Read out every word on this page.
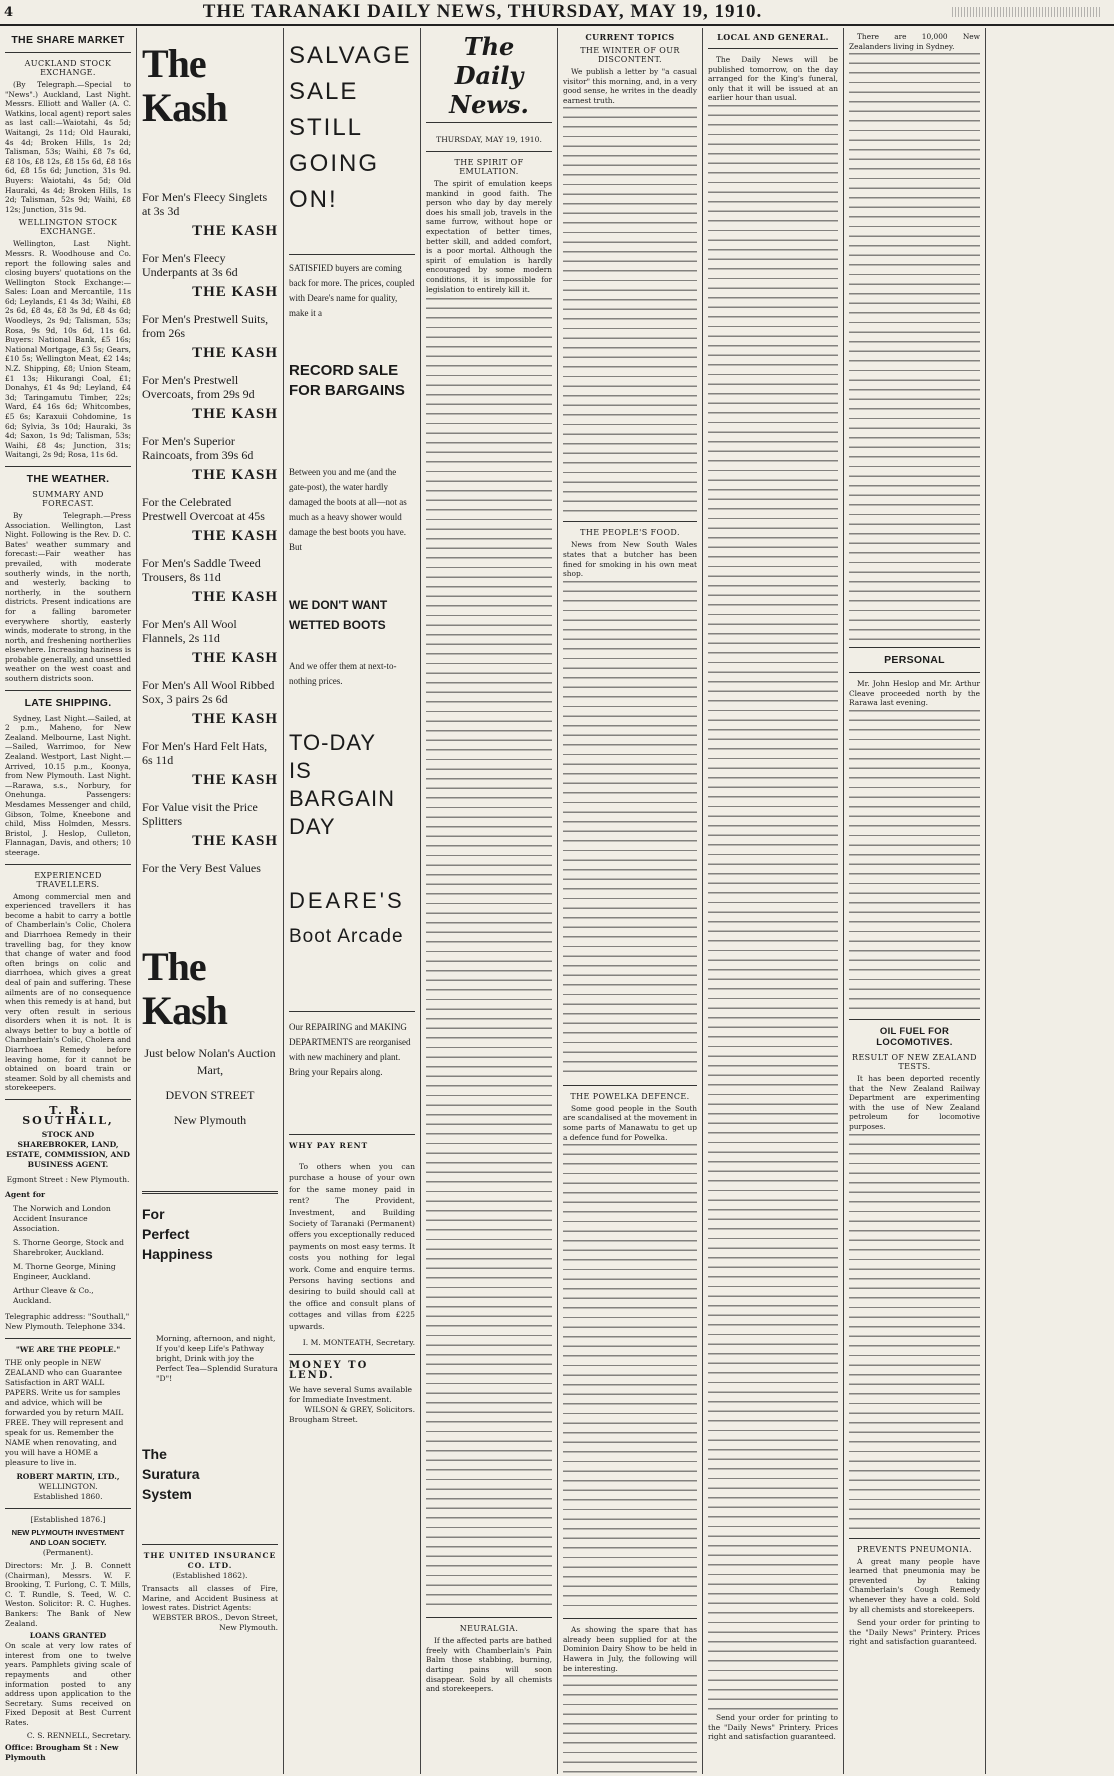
4	THE TARANAKI DAILY NEWS, THURSDAY, MAY 19, 1910.
THE SHARE MARKET
AUCKLAND STOCK EXCHANGE.

(By Telegraph.—Special to "News".) Auckland, Last Night. Messrs. Elliott and Waller (A. C. Watkins, local agent) report sales as last call:—Waiotahi, 4s 5d; Waitangi, 2s 11d; Old Hauraki, 4s 4d; Broken Hills, 1s 2d; Talisman, 53s; Waihi, £8 7s 6d, £8 10s, £8 12s, £8 15s 6d, £8 16s 6d, £8 15s 6d; Junction, 31s 9d. Buyers: Waiotahi, 4s 5d; Old Hauraki, 4s 4d; Broken Hills, 1s 2d; Talisman, 52s 9d; Waihi, £8 12s; Junction, 31s 9d.

WELLINGTON STOCK EXCHANGE.

Wellington, Last Night. Messrs. R. Woodhouse and Co. report the following sales and closing buyers' quotations on the Wellington Stock Exchange:—Sales: Loan and Mercantile, 11s 6d; Leylands, £1 4s 3d; Waihi, £8 2s 6d, £8 4s, £8 3s 9d, £8 4s 6d; Woodleys, 2s 9d; Talisman, 53s; Rosa, 9s 9d, 10s 6d, 11s 6d. Buyers: National Bank, £5 16s; National Mortgage, £3 5s; Gears, £10 5s; Wellington Meat, £2 14s; N.Z. Shipping, £8; Union Steam, £1 13s; Hikurangi Coal, £1; Donahys, £1 4s 9d; Leyland, £4 3d; Taringamutu Timber, 22s; Ward, £4 16s 6d; Whitcombes, £5 6s; Karaxuii Cohdomine, 1s 6d; Sylvia, 3s 10d; Hauraki, 3s 4d; Saxon, 1s 9d; Talisman, 53s; Waihi, £8 4s; Junction, 31s; Waitangi, 2s 9d; Rosa, 11s 6d.

THE WEATHER.
SUMMARY AND FORECAST.

By Telegraph.—Press Association. Wellington, Last Night. Following is the Rev. D. C. Bates' weather summary and forecast:—Fair weather has prevailed, with moderate southerly winds, in the north, and westerly, backing to northerly, in the southern districts. Present indications are for a falling barometer everywhere shortly, easterly winds, moderate to strong, in the north, and freshening northerlies elsewhere. Increasing haziness is probable generally, and unsettled weather on the west coast and southern districts soon.

LATE SHIPPING.

Sydney, Last Night.—Sailed, at 2 p.m., Maheno, for New Zealand. Melbourne, Last Night.—Sailed, Warrimoo, for New Zealand. Westport, Last Night.—Arrived, 10.15 p.m., Koonya, from New Plymouth. Last Night.—Rarawa, s.s., Norbury, for Onehunga. Passengers: Mesdames Messenger and child, Gibson, Tolme, Kneebone and child, Miss Holmden, Messrs. Bristol, J. Heslop, Culleton, Flannagan, Davis, and others; 10 steerage.

EXPERIENCED TRAVELLERS.

Among commercial men and experienced travellers it has become a habit to carry a bottle of Chamberlain's Colic, Cholera and Diarrhoea Remedy in their travelling bag, for they know that change of water and food often brings on colic and diarrhoea, which gives a great deal of pain and suffering. These ailments are of no consequence when this remedy is at hand, but very often result in serious disorders when it is not. It is always better to buy a bottle of Chamberlain's Colic, Cholera and Diarrhoea Remedy before leaving home, for it cannot be obtained on board train or steamer. Sold by all chemists and storekeepers.

T. R. SOUTHALL,
STOCK AND SHAREBROKER, LAND, ESTATE, COMMISSION, AND BUSINESS AGENT.
Egmont Street : New Plymouth.
Agent for
The Norwich and London Accident Insurance Association.
S. Thorne George, Stock and Sharebroker, Auckland.
M. Thorne George, Mining Engineer, Auckland.
Arthur Cleave & Co., Auckland.
Telegraphic address: "Southall," New Plymouth. Telephone 334.
"WE ARE THE PEOPLE."

THE only people in NEW ZEALAND who can Guarantee Satisfaction in ART WALL PAPERS. Write us for samples and advice, which will be forwarded you by return MAIL FREE. They will represent and speak for us. Remember the NAME when renovating, and you will have a HOME a pleasure to live in.

ROBERT MARTIN, LTD.,
WELLINGTON.
Established 1860.
[Established 1876.]
NEW PLYMOUTH INVESTMENT AND LOAN SOCIETY.
(Permanent).

Directors: Mr. J. B. Connett (Chairman), Messrs. W. F. Brooking, T. Furlong, C. T. Mills, C. T. Rundle, S. Teed, W. C. Weston. Solicitor: R. C. Hughes. Bankers: The Bank of New Zealand.

LOANS GRANTED

On scale at very low rates of interest from one to twelve years. Pamphlets giving scale of repayments and other information posted to any address upon application to the Secretary. Sums received on Fixed Deposit at Best Current Rates.

C. S. RENNELL, Secretary.
Office: Brougham St : New Plymouth
The Kash
For Men's Fleecy Singlets at 3s 3d
THE KASH
For Men's Fleecy Underpants at 3s 6d
THE KASH
For Men's Prestwell Suits, from 26s
THE KASH
For Men's Prestwell Overcoats, from 29s 9d
THE KASH
For Men's Superior Raincoats, from 39s 6d
THE KASH
For the Celebrated Prestwell Overcoat at 45s
THE KASH
For Men's Saddle Tweed Trousers, 8s 11d
THE KASH
For Men's All Wool Flannels, 2s 11d
THE KASH
For Men's All Wool Ribbed Sox, 3 pairs 2s 6d
THE KASH
For Men's Hard Felt Hats, 6s 11d
THE KASH
For Value visit the Price Splitters
THE KASH
For the Very Best Values
The Kash
Just below Nolan's Auction Mart,
DEVON STREET
New Plymouth
For
Perfect
Happiness

Morning, afternoon, and night, If you'd keep Life's Pathway bright, Drink with joy the Perfect Tea—Splendid Suratura "D"!

The
Suratura
System
THE UNITED INSURANCE CO. LTD.
(Established 1862).

Transacts all classes of Fire, Marine, and Accident Business at lowest rates. District Agents:

WEBSTER BROS., Devon Street, New Plymouth.
SALVAGE
SALE
STILL
GOING ON!

SATISFIED buyers are coming back for more. The prices, coupled with Deare's name for quality, make it a

RECORD SALE FOR BARGAINS

Between you and me (and the gate-post), the water hardly damaged the boots at all—not as much as a heavy shower would damage the best boots you have. But

WE DON'T WANT WETTED BOOTS

And we offer them at next-to-nothing prices.

TO-DAY
IS
BARGAIN
DAY
DEARE'S
Boot Arcade

Our REPAIRING and MAKING DEPARTMENTS are reorganised with new machinery and plant. Bring your Repairs along.

WHY PAY RENT

To others when you can purchase a house of your own for the same money paid in rent? The Provident, Investment, and Building Society of Taranaki (Permanent) offers you exceptionally reduced payments on most easy terms. It costs you nothing for legal work. Come and enquire terms. Persons having sections and desiring to build should call at the office and consult plans of cottages and villas from £225 upwards.

I. M. MONTEATH, Secretary.
MONEY TO LEND.

We have several Sums available for Immediate Investment.

WILSON & GREY, Solicitors.
Brougham Street.
The Daily News.
THURSDAY, MAY 19, 1910.
THE SPIRIT OF EMULATION.

The spirit of emulation keeps mankind in good faith. The person who day by day merely does his small job, travels in the same furrow, without hope or expectation of better times, better skill, and added comfort, is a poor mortal. Although the spirit of emulation is hardly encouraged by some modern conditions, it is impossible for legislation to entirely kill it.

NEURALGIA.

If the affected parts are bathed freely with Chamberlain's Pain Balm those stabbing, burning, darting pains will soon disappear. Sold by all chemists and storekeepers.

CURRENT TOPICS
THE WINTER OF OUR DISCONTENT.

We publish a letter by "a casual visitor" this morning, and, in a very good sense, he writes in the deadly earnest truth.

THE PEOPLE'S FOOD.

News from New South Wales states that a butcher has been fined for smoking in his own meat shop.

THE POWELKA DEFENCE.

Some good people in the South are scandalised at the movement in some parts of Manawatu to get up a defence fund for Powelka.

As showing the spare that has already been supplied for at the Dominion Dairy Show to be held in Hawera in July, the following will be interesting.

LOCAL AND GENERAL.

The Daily News will be published tomorrow, on the day arranged for the King's funeral, only that it will be issued at an earlier hour than usual.

Send your order for printing to the "Daily News" Printery. Prices right and satisfaction guaranteed.

There are 10,000 New Zealanders living in Sydney.

PERSONAL

Mr. John Heslop and Mr. Arthur Cleave proceeded north by the Rarawa last evening.

OIL FUEL FOR LOCOMOTIVES.
RESULT OF NEW ZEALAND TESTS.

It has been deported recently that the New Zealand Railway Department are experimenting with the use of New Zealand petroleum for locomotive purposes.

PREVENTS PNEUMONIA.

A great many people have learned that pneumonia may be prevented by taking Chamberlain's Cough Remedy whenever they have a cold. Sold by all chemists and storekeepers.

Send your order for printing to the "Daily News" Printery. Prices right and satisfaction guaranteed.
